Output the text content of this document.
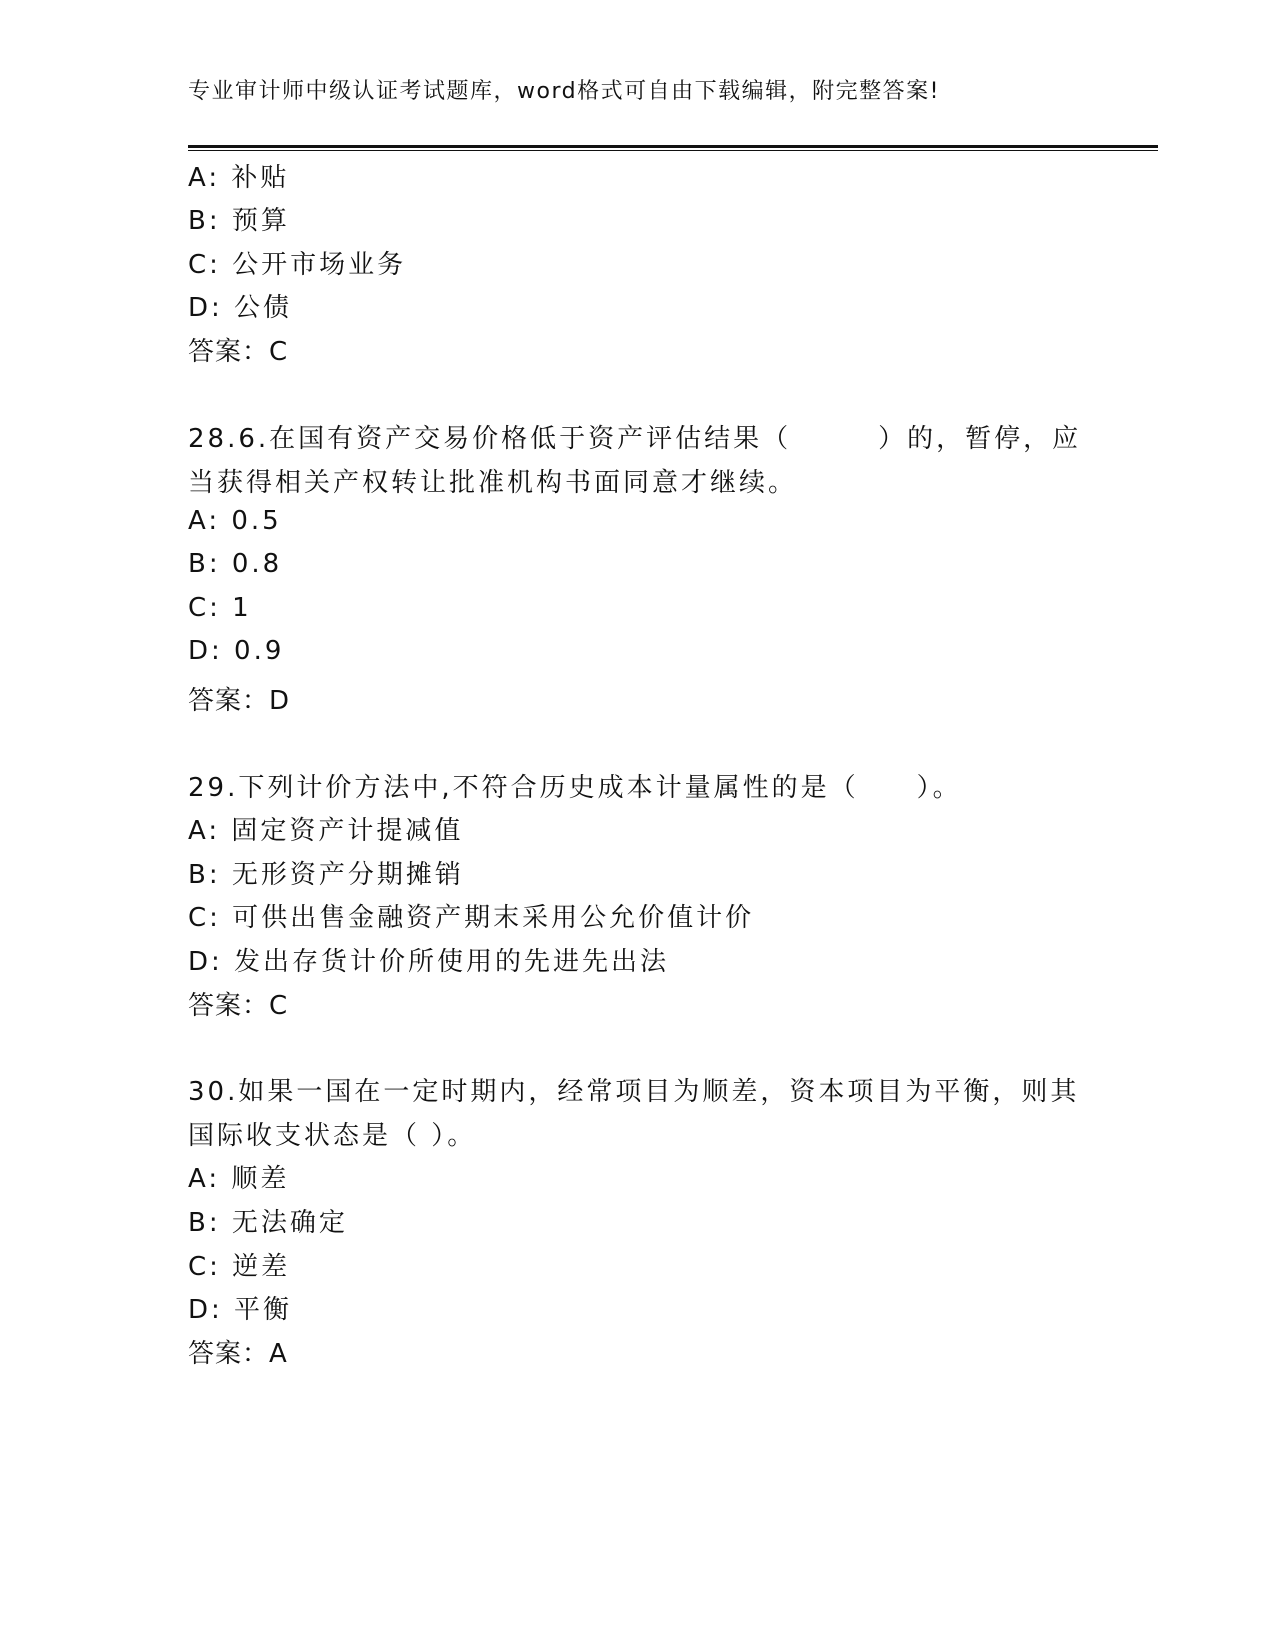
专业审计师中级认证考试题库，word格式可自由下载编辑，附完整答案!
A: 补贴
B: 预算
C: 公开市场业务
D: 公债
答案：C
28.6.在国有资产交易价格低于资产评估结果（　　　）的，暂停，应
当获得相关产权转让批准机构书面同意才继续。
A: 0.5
B: 0.8
C: 1
D: 0.9
答案：D
29.下列计价方法中,不符合历史成本计量属性的是（　　）。
A: 固定资产计提减值
B: 无形资产分期摊销
C: 可供出售金融资产期末采用公允价值计价
D: 发出存货计价所使用的先进先出法
答案：C
30.如果一国在一定时期内，经常项目为顺差，资本项目为平衡，则其
国际收支状态是（ ）。
A: 顺差
B: 无法确定
C: 逆差
D: 平衡
答案：A
